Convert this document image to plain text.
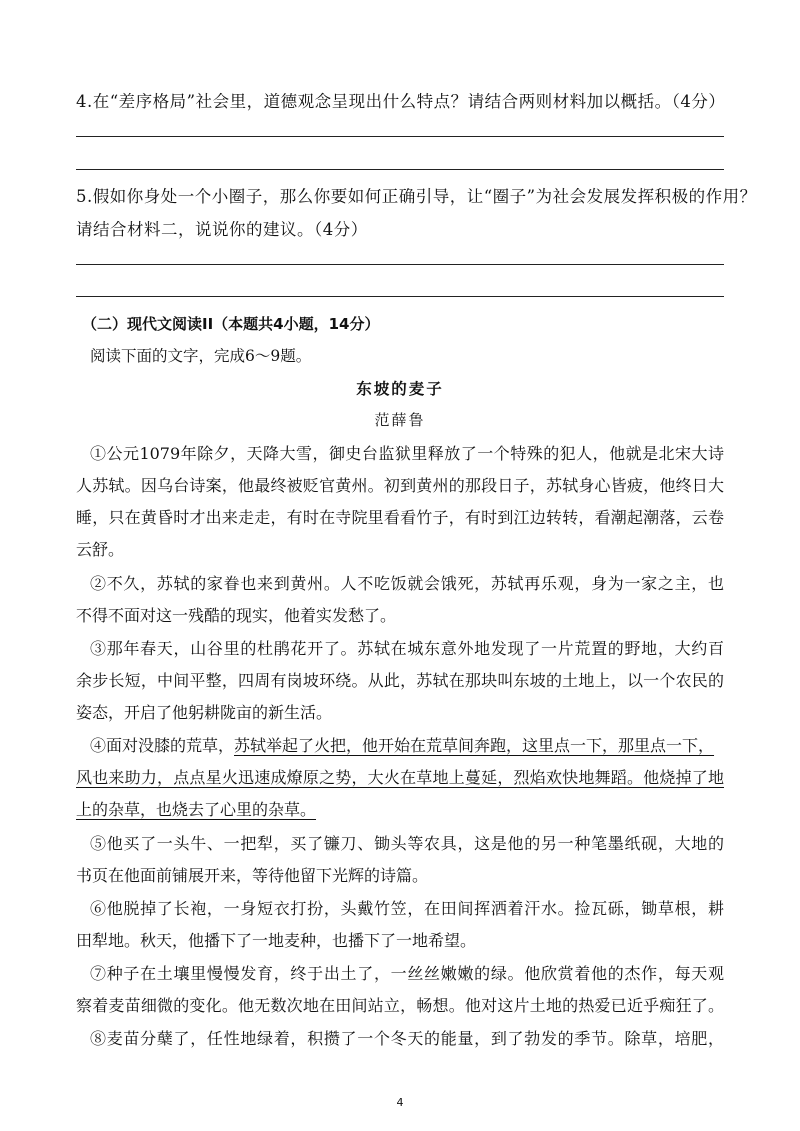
4.在“差序格局”社会里，道德观念呈现出什么特点？请结合两则材料加以概括。（4分）
5.假如你身处一个小圈子，那么你要如何正确引导，让“圈子”为社会发展发挥积极的作用？
请结合材料二，说说你的建议。（4分）
（二）现代文阅读II（本题共4小题，14分）
阅读下面的文字，完成6～9题。
东坡的麦子
范薛鲁
①公元1079年除夕，天降大雪，御史台监狱里释放了一个特殊的犯人，他就是北宋大诗
人苏轼。因乌台诗案，他最终被贬官黄州。初到黄州的那段日子，苏轼身心皆疲，他终日大
睡，只在黄昏时才出来走走，有时在寺院里看看竹子，有时到江边转转，看潮起潮落，云卷
云舒。
②不久，苏轼的家眷也来到黄州。人不吃饭就会饿死，苏轼再乐观，身为一家之主，也
不得不面对这一残酷的现实，他着实发愁了。
③那年春天，山谷里的杜鹃花开了。苏轼在城东意外地发现了一片荒置的野地，大约百
余步长短，中间平整，四周有岗坡环绕。从此，苏轼在那块叫东坡的土地上，以一个农民的
姿态，开启了他躬耕陇亩的新生活。
④面对没膝的荒草，苏轼举起了火把，他开始在荒草间奔跑，这里点一下，那里点一下，
风也来助力，点点星火迅速成燎原之势，大火在草地上蔓延，烈焰欢快地舞蹈。他烧掉了地
上的杂草，也烧去了心里的杂草。
⑤他买了一头牛、一把犁，买了镰刀、锄头等农具，这是他的另一种笔墨纸砚，大地的
书页在他面前铺展开来，等待他留下光辉的诗篇。
⑥他脱掉了长袍，一身短衣打扮，头戴竹笠，在田间挥洒着汗水。捡瓦砾，锄草根，耕
田犁地。秋天，他播下了一地麦种，也播下了一地希望。
⑦种子在土壤里慢慢发育，终于出土了，一丝丝嫩嫩的绿。他欣赏着他的杰作，每天观
察着麦苗细微的变化。他无数次地在田间站立，畅想。他对这片土地的热爱已近乎痴狂了。
⑧麦苗分蘖了，任性地绿着，积攒了一个冬天的能量，到了勃发的季节。除草，培肥，
4
